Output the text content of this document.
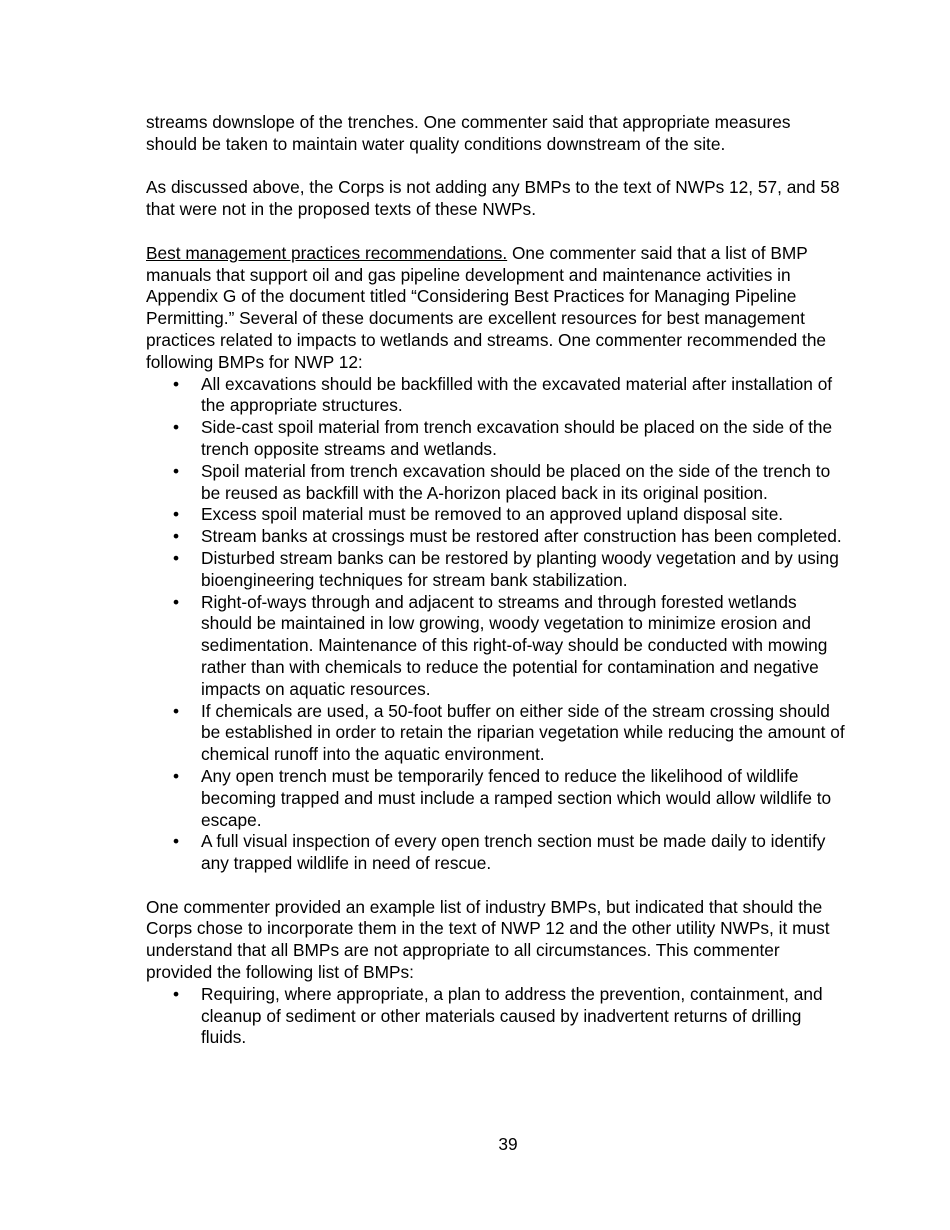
streams downslope of the trenches. One commenter said that appropriate measures should be taken to maintain water quality conditions downstream of the site.

As discussed above, the Corps is not adding any BMPs to the text of NWPs 12, 57, and 58 that were not in the proposed texts of these NWPs.

Best management practices recommendations. One commenter said that a list of BMP manuals that support oil and gas pipeline development and maintenance activities in Appendix G of the document titled “Considering Best Practices for Managing Pipeline Permitting.” Several of these documents are excellent resources for best management practices related to impacts to wetlands and streams. One commenter recommended the following BMPs for NWP 12:

• All excavations should be backfilled with the excavated material after installation of the appropriate structures.
• Side-cast spoil material from trench excavation should be placed on the side of the trench opposite streams and wetlands.
• Spoil material from trench excavation should be placed on the side of the trench to be reused as backfill with the A-horizon placed back in its original position.
• Excess spoil material must be removed to an approved upland disposal site.
• Stream banks at crossings must be restored after construction has been completed.
• Disturbed stream banks can be restored by planting woody vegetation and by using bioengineering techniques for stream bank stabilization.
• Right-of-ways through and adjacent to streams and through forested wetlands should be maintained in low growing, woody vegetation to minimize erosion and sedimentation. Maintenance of this right-of-way should be conducted with mowing rather than with chemicals to reduce the potential for contamination and negative impacts on aquatic resources.
• If chemicals are used, a 50-foot buffer on either side of the stream crossing should be established in order to retain the riparian vegetation while reducing the amount of chemical runoff into the aquatic environment.
• Any open trench must be temporarily fenced to reduce the likelihood of wildlife becoming trapped and must include a ramped section which would allow wildlife to escape.
• A full visual inspection of every open trench section must be made daily to identify any trapped wildlife in need of rescue.

One commenter provided an example list of industry BMPs, but indicated that should the Corps chose to incorporate them in the text of NWP 12 and the other utility NWPs, it must understand that all BMPs are not appropriate to all circumstances. This commenter provided the following list of BMPs:

• Requiring, where appropriate, a plan to address the prevention, containment, and cleanup of sediment or other materials caused by inadvertent returns of drilling fluids.
39
